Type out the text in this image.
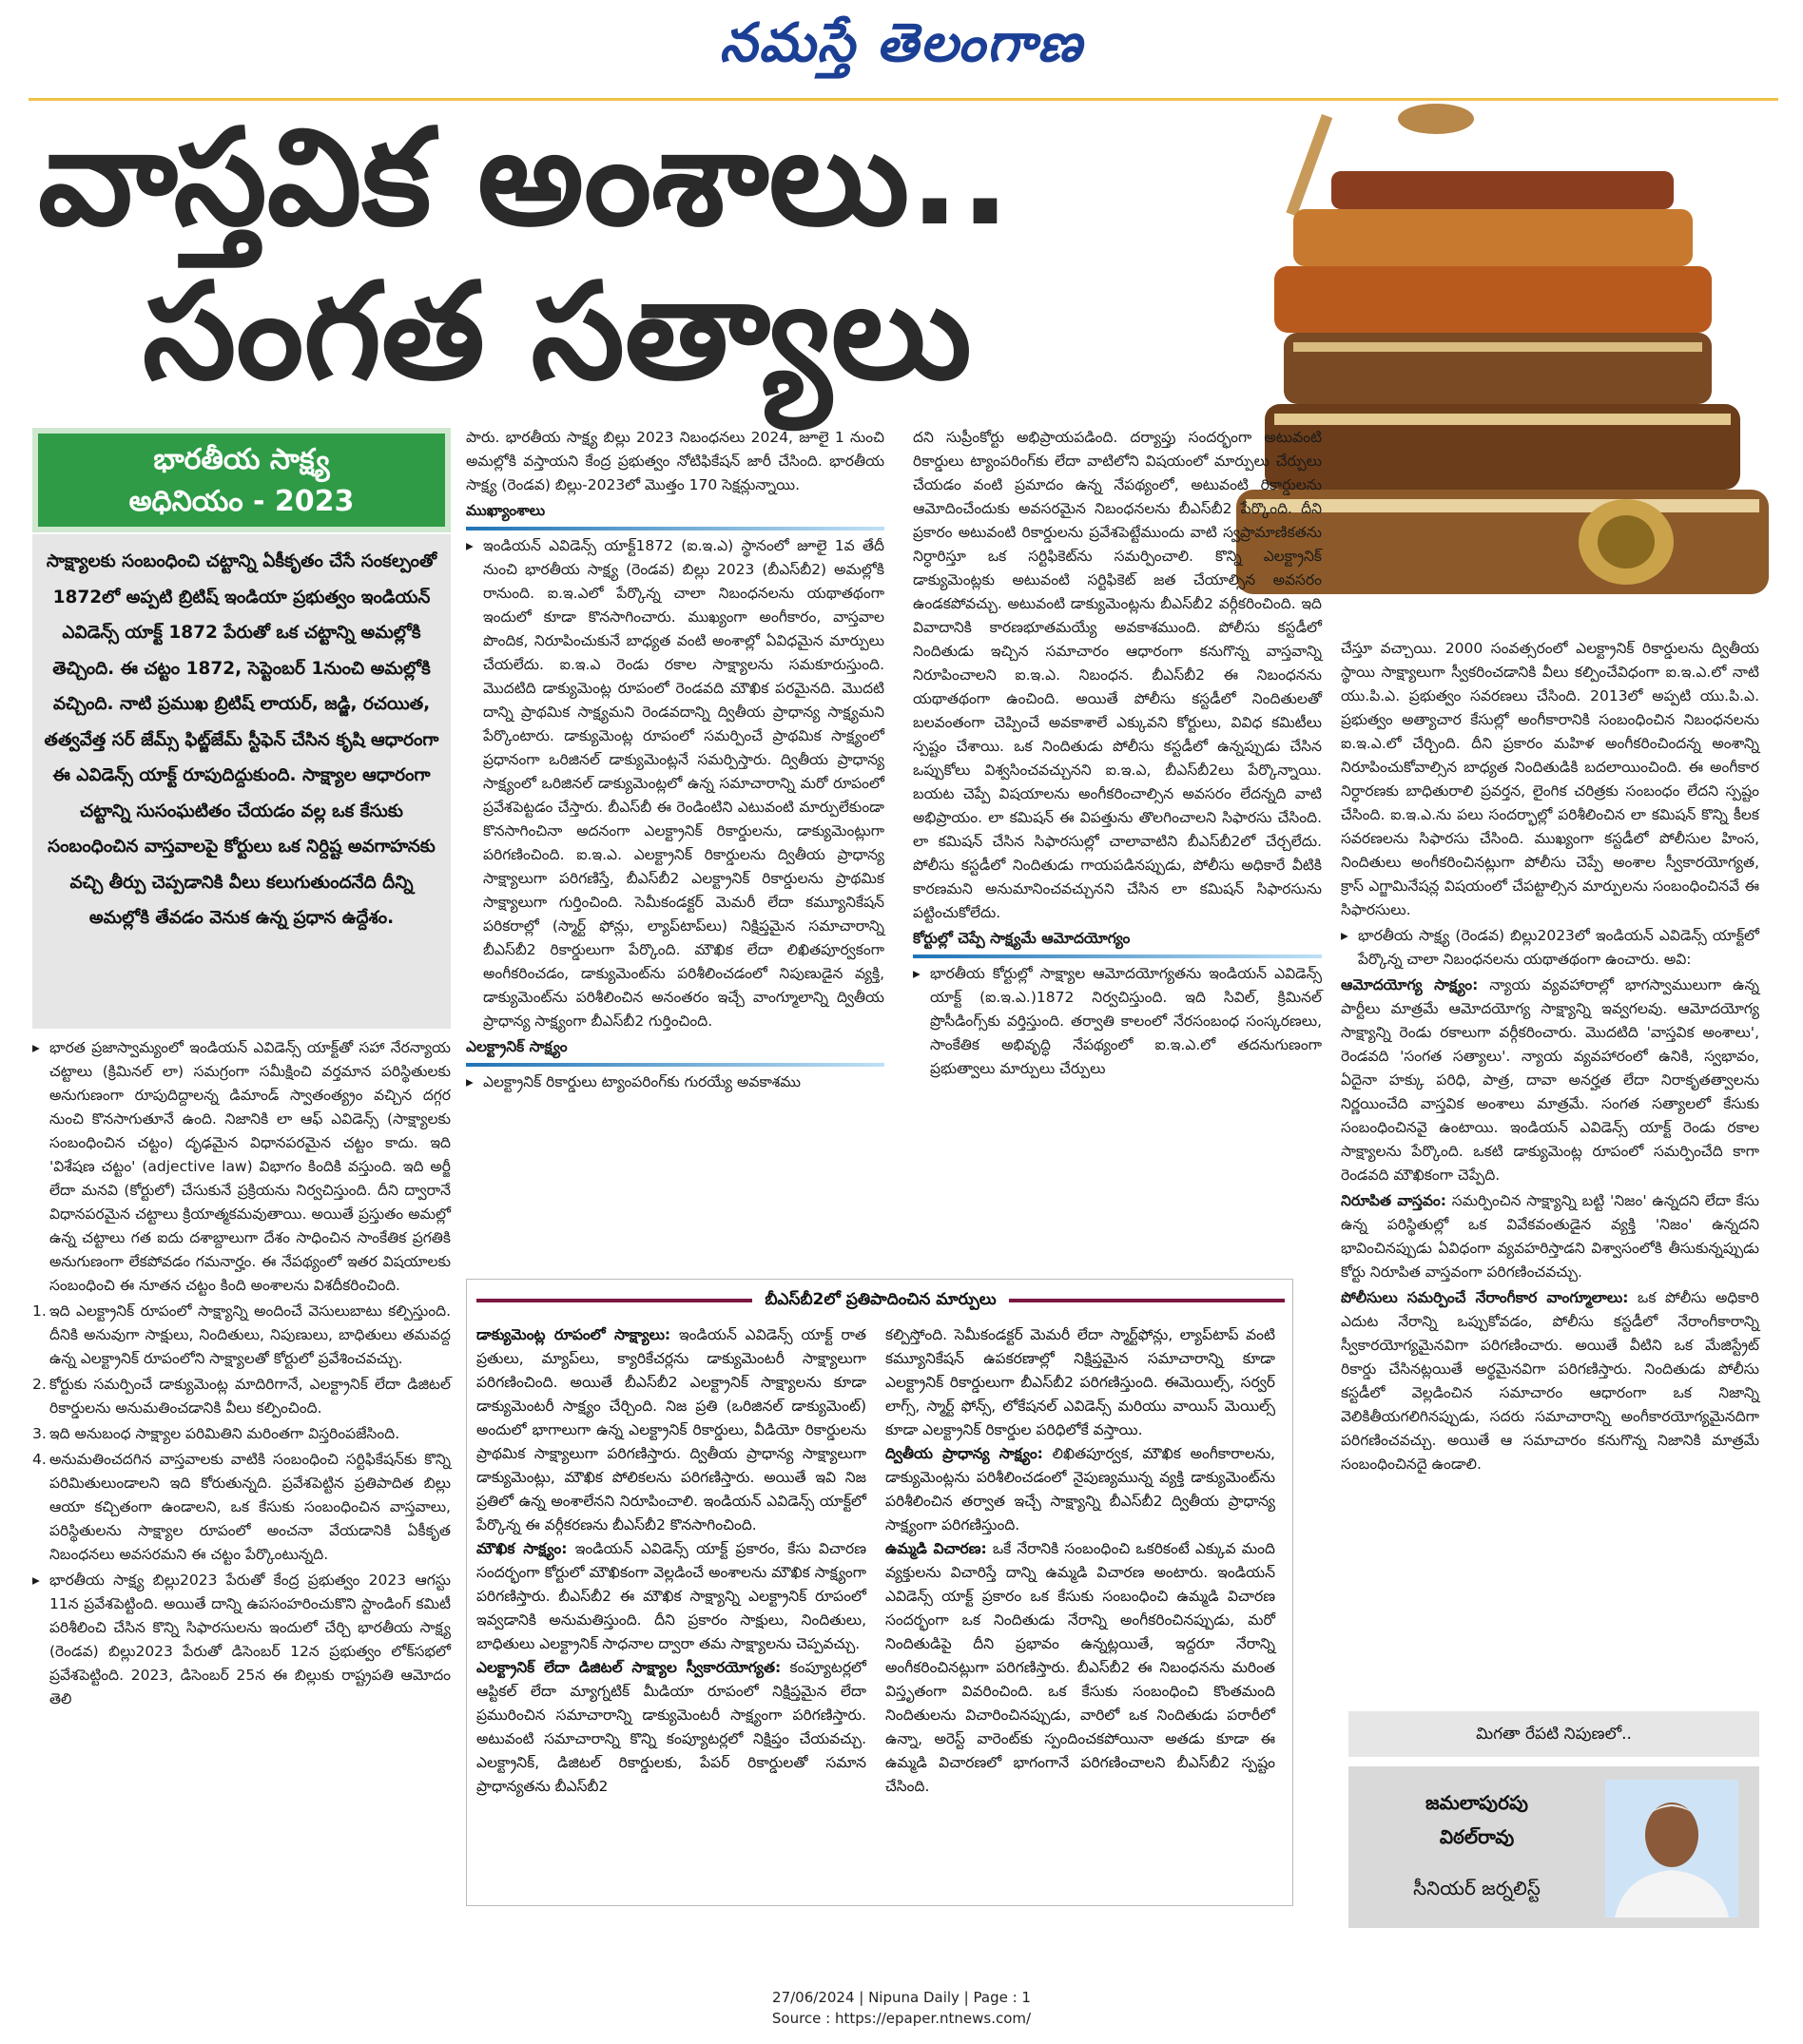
నమస్తే తెలంగాణ
వాస్తవిక అంశాలు..
సంగత సత్యాలు
భారతీయ సాక్ష్య
అధినియం - 2023
సాక్ష్యాలకు సంబంధించి చట్టాన్ని ఏకీకృతం చేసే సంకల్పంతో 1872లో అప్పటి బ్రిటిష్ ఇండియా ప్రభుత్వం ఇండియన్ ఎవిడెన్స్ యాక్ట్ 1872 పేరుతో ఒక చట్టాన్ని అమల్లోకి తెచ్చింది. ఈ చట్టం 1872, సెప్టెంబర్ 1నుంచి అమల్లోకి వచ్చింది. నాటి ప్రముఖ బ్రిటిష్ లాయర్, జడ్జి, రచయిత, తత్వవేత్త సర్ జేమ్స్ ఫిట్జ్‌జేమ్ స్టీఫెన్ చేసిన కృషి ఆధారంగా ఈ ఎవిడెన్స్ యాక్ట్ రూపుదిద్దుకుంది. సాక్ష్యాల ఆధారంగా చట్టాన్ని సుసంఘటితం చేయడం వల్ల ఒక కేసుకు సంబంధించిన వాస్తవాలపై కోర్టులు ఒక నిర్దిష్ట అవగాహనకు వచ్చి తీర్పు చెప్పడానికి వీలు కలుగుతుందనేది దీన్ని అమల్లోకి తేవడం వెనుక ఉన్న ప్రధాన ఉద్దేశం.
▸ భారత ప్రజాస్వామ్యంలో ఇండియన్ ఎవిడెన్స్ యాక్ట్‌తో సహా నేరన్యాయ చట్టాలు (క్రిమినల్ లా) సమగ్రంగా సమీక్షించి వర్తమాన పరిస్థితులకు అనుగుణంగా రూపుదిద్దాలన్న డిమాండ్ స్వాతంత్య్రం వచ్చిన దగ్గర నుంచి కొనసాగుతూనే ఉంది. నిజానికి లా ఆఫ్ ఎవిడెన్స్ (సాక్ష్యాలకు సంబంధించిన చట్టం) దృఢమైన విధానపరమైన చట్టం కాదు. ఇది 'విశేషణ చట్టం' (adjective law) విభాగం కిందికి వస్తుంది. ఇది అర్జీ లేదా మనవి (కోర్టులో) చేసుకునే ప్రక్రియను నిర్వచిస్తుంది. దీని ద్వారానే విధానపరమైన చట్టాలు క్రియాత్మకమవుతాయి. అయితే ప్రస్తుతం అమల్లో ఉన్న చట్టాలు గత ఐదు దశాబ్దాలుగా దేశం సాధించిన సాంకేతిక ప్రగతికి అనుగుణంగా లేకపోవడం గమనార్హం. ఈ నేపథ్యంలో ఇతర విషయాలకు సంబంధించి ఈ నూతన చట్టం కింది అంశాలను విశదీకరించింది.
1. ఇది ఎలక్ట్రానిక్ రూపంలో సాక్ష్యాన్ని అందించే వెసులుబాటు కల్పిస్తుంది. దీనికి అనువుగా సాక్షులు, నిందితులు, నిపుణులు, బాధితులు తమవద్ద ఉన్న ఎలక్ట్రానిక్ రూపంలోని సాక్ష్యాలతో కోర్టులో ప్రవేశించవచ్చు.
2. కోర్టుకు సమర్పించే డాక్యుమెంట్ల మాదిరిగానే, ఎలక్ట్రానిక్ లేదా డిజిటల్ రికార్డులను అనుమతించడానికి వీలు కల్పించింది.
3. ఇది అనుబంధ సాక్ష్యాల పరిమితిని మరింతగా విస్తరింపజేసింది.
4. అనుమతించదగిన వాస్తవాలకు వాటికి సంబంధించి సర్టిఫికేషన్‌కు కొన్ని పరిమితులుండాలని ఇది కోరుతున్నది. ప్రవేశపెట్టిన ప్రతిపాదిత బిల్లు ఆయా కచ్చితంగా ఉండాలని, ఒక కేసుకు సంబంధించిన వాస్తవాలు, పరిస్థితులను సాక్ష్యాల రూపంలో అంచనా వేయడానికి ఏకీకృత నిబంధనలు అవసరమని ఈ చట్టం పేర్కొంటున్నది.
▸ భారతీయ సాక్ష్య బిల్లు2023 పేరుతో కేంద్ర ప్రభుత్వం 2023 ఆగస్టు 11న ప్రవేశపెట్టింది. అయితే దాన్ని ఉపసంహరించుకొని స్టాండింగ్ కమిటీ పరిశీలించి చేసిన కొన్ని సిఫారసులను ఇందులో చేర్చి భారతీయ సాక్ష్య (రెండవ) బిల్లు2023 పేరుతో డిసెంబర్ 12న ప్రభుత్వం లోక్‌సభలో ప్రవేశపెట్టింది. 2023, డిసెంబర్ 25న ఈ బిల్లుకు రాష్ట్రపతి ఆమోదం తెలి

పారు. భారతీయ సాక్ష్య బిల్లు 2023 నిబంధనలు 2024, జూలై 1 నుంచి అమల్లోకి వస్తాయని కేంద్ర ప్రభుత్వం నోటిఫికేషన్ జారీ చేసింది. భారతీయ సాక్ష్య (రెండవ) బిల్లు-2023లో మొత్తం 170 సెక్షన్లున్నాయి.

ముఖ్యాంశాలు
▸ ఇండియన్ ఎవిడెన్స్ యాక్ట్1872 (ఐ.ఇ.ఎ) స్థానంలో జూలై 1వ తేదీ నుంచి భారతీయ సాక్ష్య (రెండవ) బిల్లు 2023 (బీఎస్‌బీ2) అమల్లోకి రానుంది. ఐ.ఇ.ఎలో పేర్కొన్న చాలా నిబంధనలను యథాతథంగా ఇందులో కూడా కొనసాగించారు. ముఖ్యంగా అంగీకారం, వాస్తవాల పొందిక, నిరూపించుకునే బాధ్యత వంటి అంశాల్లో ఏవిధమైన మార్పులు చేయలేదు. ఐ.ఇ.ఎ రెండు రకాల సాక్ష్యాలను సమకూరుస్తుంది. మొదటిది డాక్యుమెంట్ల రూపంలో రెండవది మౌఖిక పరమైనది. మొదటి దాన్ని ప్రాథమిక సాక్ష్యమని రెండవదాన్ని ద్వితీయ ప్రాధాన్య సాక్ష్యమని పేర్కొంటారు. డాక్యుమెంట్ల రూపంలో సమర్పించే ప్రాథమిక సాక్ష్యంలో ప్రధానంగా ఒరిజినల్ డాక్యుమెంట్లనే సమర్పిస్తారు. ద్వితీయ ప్రాధాన్య సాక్ష్యంలో ఒరిజినల్ డాక్యుమెంట్లలో ఉన్న సమాచారాన్ని మరో రూపంలో ప్రవేశపెట్టడం చేస్తారు. బీఎస్‌బీ ఈ రెండింటిని ఎటువంటి మార్పులేకుండా కొనసాగించినా అదనంగా ఎలక్ట్రానిక్ రికార్డులను, డాక్యుమెంట్లుగా పరిగణించింది. ఐ.ఇ.ఎ. ఎలక్ట్రానిక్ రికార్డులను ద్వితీయ ప్రాధాన్య సాక్ష్యాలుగా పరిగణిస్తే, బీఎస్‌బీ2 ఎలక్ట్రానిక్ రికార్డులను ప్రాథమిక సాక్ష్యాలుగా గుర్తించింది. సెమీకండక్టర్ మెమరీ లేదా కమ్యూనికేషన్ పరికరాల్లో (స్మార్ట్ ఫోన్లు, ల్యాప్‌టాప్‌లు) నిక్షిప్తమైన సమాచారాన్ని బీఎస్‌బీ2 రికార్డులుగా పేర్కొంది. మౌఖిక లేదా లిఖితపూర్వకంగా అంగీకరించడం, డాక్యుమెంట్‌ను పరిశీలించడంలో నిపుణుడైన వ్యక్తి, డాక్యుమెంట్‌ను పరిశీలించిన అనంతరం ఇచ్చే వాంగ్మూలాన్ని ద్వితీయ ప్రాధాన్య సాక్ష్యంగా బీఎస్‌బీ2 గుర్తించింది.
ఎలక్ట్రానిక్ సాక్ష్యం
▸ ఎలక్ట్రానిక్ రికార్డులు ట్యాంపరింగ్‌కు గురయ్యే అవకాశము

దని సుప్రీంకోర్టు అభిప్రాయపడింది. దర్యాప్తు సందర్భంగా అటువంటి రికార్డులు ట్యాంపరింగ్‌కు లేదా వాటిలోని విషయంలో మార్పులు చేర్పులు చేయడం వంటి ప్రమాదం ఉన్న నేపథ్యంలో, అటువంటి రికార్డులను ఆమోదించేందుకు అవసరమైన నిబంధనలను బీఎస్‌బీ2 పేర్కొంది. దీని ప్రకారం అటువంటి రికార్డులను ప్రవేశపెట్టేముందు వాటి స్వప్రామాణికతను నిర్ధారిస్తూ ఒక సర్టిఫికెట్‌ను సమర్పించాలి. కొన్ని ఎలక్ట్రానిక్ డాక్యుమెంట్లకు అటువంటి సర్టిఫికెట్ జత చేయాల్సిన అవసరం ఉండకపోవచ్చు. అటువంటి డాక్యుమెంట్లను బీఎస్‌బీ2 వర్గీకరించింది. ఇది వివాదానికి కారణభూతమయ్యే అవకాశముంది. పోలీసు కస్టడీలో నిందితుడు ఇచ్చిన సమాచారం ఆధారంగా కనుగొన్న వాస్తవాన్ని నిరూపించాలని ఐ.ఇ.ఎ. నిబంధన. బీఎస్‌బీ2 ఈ నిబంధనను యథాతథంగా ఉంచింది. అయితే పోలీసు కస్టడీలో నిందితులతో బలవంతంగా చెప్పించే అవకాశాలే ఎక్కువని కోర్టులు, వివిధ కమిటీలు స్పష్టం చేశాయి. ఒక నిందితుడు పోలీసు కస్టడీలో ఉన్నప్పుడు చేసిన ఒప్పుకోలు విశ్వసించవచ్చునని ఐ.ఇ.ఎ, బీఎస్‌బీ2లు పేర్కొన్నాయి. బయట చెప్పే విషయాలను అంగీకరించాల్సిన అవసరం లేదన్నది వాటి అభిప్రాయం. లా కమిషన్ ఈ విపత్తును తొలగించాలని సిఫారసు చేసింది. లా కమిషన్ చేసిన సిఫారసుల్లో చాలావాటిని బీఎస్‌బీ2లో చేర్చలేదు. పోలీసు కస్టడీలో నిందితుడు గాయపడినప్పుడు, పోలీసు అధికారే వీటికి కారణమని అనుమానించవచ్చునని చేసిన లా కమిషన్ సిఫారసును పట్టించుకోలేదు.

కోర్టుల్లో చెప్పే సాక్ష్యమే ఆమోదయోగ్యం
▸ భారతీయ కోర్టుల్లో సాక్ష్యాల ఆమోదయోగ్యతను ఇండియన్ ఎవిడెన్స్ యాక్ట్ (ఐ.ఇ.ఎ.)1872 నిర్వచిస్తుంది. ఇది సివిల్, క్రిమినల్ ప్రొసీడింగ్స్‌కు వర్తిస్తుంది. తర్వాతి కాలంలో నేరసంబంధ సంస్కరణలు, సాంకేతిక అభివృద్ధి నేపథ్యంలో ఐ.ఇ.ఎ.లో తదనుగుణంగా ప్రభుత్వాలు మార్పులు చేర్పులు

చేస్తూ వచ్చాయి. 2000 సంవత్సరంలో ఎలక్ట్రానిక్ రికార్డులను ద్వితీయ స్థాయి సాక్ష్యాలుగా స్వీకరించడానికి వీలు కల్పించేవిధంగా ఐ.ఇ.ఎ.లో నాటి యు.పి.ఎ. ప్రభుత్వం సవరణలు చేసింది. 2013లో అప్పటి యు.పి.ఎ. ప్రభుత్వం అత్యాచార కేసుల్లో అంగీకారానికి సంబంధించిన నిబంధనలను ఐ.ఇ.ఎ.లో చేర్చింది. దీని ప్రకారం మహిళ అంగీకరించిందన్న అంశాన్ని నిరూపించుకోవాల్సిన బాధ్యత నిందితుడికి బదలాయించింది. ఈ అంగీకార నిర్ధారణకు బాధితురాలి ప్రవర్తన, లైంగిక చరిత్రకు సంబంధం లేదని స్పష్టం చేసింది. ఐ.ఇ.ఎ.ను పలు సందర్భాల్లో పరిశీలించిన లా కమిషన్ కొన్ని కీలక సవరణలను సిఫారసు చేసింది. ముఖ్యంగా కస్టడీలో పోలీసుల హింస, నిందితులు అంగీకరించినట్లుగా పోలీసు చెప్పే అంశాల స్వీకారయోగ్యత, క్రాస్ ఎగ్జామినేషన్ల విషయంలో చేపట్టాల్సిన మార్పులను సంబంధించినవే ఈ సిఫారసులు.

▸ భారతీయ సాక్ష్య (రెండవ) బిల్లు2023లో ఇండియన్ ఎవిడెన్స్ యాక్ట్‌లో పేర్కొన్న చాలా నిబంధనలను యథాతథంగా ఉంచారు. అవి:

ఆమోదయోగ్య సాక్ష్యం: న్యాయ వ్యవహారాల్లో భాగస్వాములుగా ఉన్న పార్టీలు మాత్రమే ఆమోదయోగ్య సాక్ష్యాన్ని ఇవ్వగలవు. ఆమోదయోగ్య సాక్ష్యాన్ని రెండు రకాలుగా వర్గీకరించారు. మొదటిది 'వాస్తవిక అంశాలు', రెండవది 'సంగత సత్యాలు'. న్యాయ వ్యవహారంలో ఉనికి, స్వభావం, ఏదైనా హక్కు పరిధి, పాత్ర, దావా అనర్హత లేదా నిరాకృతత్వాలను నిర్ణయించేది వాస్తవిక అంశాలు మాత్రమే. సంగత సత్యాలలో కేసుకు సంబంధించినవై ఉంటాయి. ఇండియన్ ఎవిడెన్స్ యాక్ట్ రెండు రకాల సాక్ష్యాలను పేర్కొంది. ఒకటి డాక్యుమెంట్ల రూపంలో సమర్పించేది కాగా రెండవది మౌఖికంగా చెప్పేది.

నిరూపిత వాస్తవం: సమర్పించిన సాక్ష్యాన్ని బట్టి 'నిజం' ఉన్నదని లేదా కేసు ఉన్న పరిస్థితుల్లో ఒక వివేకవంతుడైన వ్యక్తి 'నిజం' ఉన్నదని భావించినప్పుడు ఏవిధంగా వ్యవహరిస్తాడని విశ్వాసంలోకి తీసుకున్నప్పుడు కోర్టు నిరూపిత వాస్తవంగా పరిగణించవచ్చు.

పోలీసులు సమర్పించే నేరాంగీకార వాంగ్మూలాలు: ఒక పోలీసు అధికారి ఎదుట నేరాన్ని ఒప్పుకోవడం, పోలీసు కస్టడీలో నేరాంగీకారాన్ని స్వీకారయోగ్యమైనవిగా పరిగణించారు. అయితే వీటిని ఒక మేజిస్ట్రేట్ రికార్డు చేసినట్లయితే అర్థమైనవిగా పరిగణిస్తారు. నిందితుడు పోలీసు కస్టడీలో వెల్లడించిన సమాచారం ఆధారంగా ఒక నిజాన్ని వెలికితీయగలిగినప్పుడు, సదరు సమాచారాన్ని అంగీకారయోగ్యమైనదిగా పరిగణించవచ్చు. అయితే ఆ సమాచారం కనుగొన్న నిజానికి మాత్రమే సంబంధించినదై ఉండాలి.

బీఎస్‌బీ2లో ప్రతిపాదించిన మార్పులు

డాక్యుమెంట్ల రూపంలో సాక్ష్యాలు: ఇండియన్ ఎవిడెన్స్ యాక్ట్ రాత ప్రతులు, మ్యాప్‌లు, క్యారికేచర్లను డాక్యుమెంటరీ సాక్ష్యాలుగా పరిగణించింది. అయితే బీఎస్‌బీ2 ఎలక్ట్రానిక్ సాక్ష్యాలను కూడా డాక్యుమెంటరీ సాక్ష్యం చేర్చింది. నిజ ప్రతి (ఒరిజినల్ డాక్యుమెంట్) అందులో భాగాలుగా ఉన్న ఎలక్ట్రానిక్ రికార్డులు, వీడియో రికార్డులను ప్రాథమిక సాక్ష్యాలుగా పరిగణిస్తారు. ద్వితీయ ప్రాధాన్య సాక్ష్యాలుగా డాక్యుమెంట్లు, మౌఖిక పోలికలను పరిగణిస్తారు. అయితే ఇవి నిజ ప్రతిలో ఉన్న అంశాలేనని నిరూపించాలి. ఇండియన్ ఎవిడెన్స్ యాక్ట్‌లో పేర్కొన్న ఈ వర్గీకరణను బీఎస్‌బీ2 కొనసాగించింది.

మౌఖిక సాక్ష్యం: ఇండియన్ ఎవిడెన్స్ యాక్ట్ ప్రకారం, కేసు విచారణ సందర్భంగా కోర్టులో మౌఖికంగా వెల్లడించే అంశాలను మౌఖిక సాక్ష్యంగా పరిగణిస్తారు. బీఎస్‌బీ2 ఈ మౌఖిక సాక్ష్యాన్ని ఎలక్ట్రానిక్ రూపంలో ఇవ్వడానికి అనుమతిస్తుంది. దీని ప్రకారం సాక్షులు, నిందితులు, బాధితులు ఎలక్ట్రానిక్ సాధనాల ద్వారా తమ సాక్ష్యాలను చెప్పవచ్చు.

ఎలక్ట్రానిక్ లేదా డిజిటల్ సాక్ష్యాల స్వీకారయోగ్యత: కంప్యూటర్లలో ఆప్టికల్ లేదా మ్యాగ్నటిక్ మీడియా రూపంలో నిక్షిప్తమైన లేదా ప్రమురించిన సమాచారాన్ని డాక్యుమెంటరీ సాక్ష్యంగా పరిగణిస్తారు. అటువంటి సమాచారాన్ని కొన్ని కంప్యూటర్లలో నిక్షిప్తం చేయవచ్చు. ఎలక్ట్రానిక్, డిజిటల్ రికార్డులకు, పేపర్ రికార్డులతో సమాన ప్రాధాన్యతను బీఎస్‌బీ2

కల్పిస్తోంది. సెమీకండక్టర్ మెమరీ లేదా స్మార్ట్‌ఫోన్లు, ల్యాప్‌టాప్ వంటి కమ్యూనికేషన్ ఉపకరణాల్లో నిక్షిప్తమైన సమాచారాన్ని కూడా ఎలక్ట్రానిక్ రికార్డులుగా బీఎస్‌బీ2 పరిగణిస్తుంది. ఈమెయిల్స్, సర్వర్ లాగ్స్, స్మార్ట్ ఫోన్స్, లోకేషనల్ ఎవిడెన్స్ మరియు వాయిస్ మెయిల్స్ కూడా ఎలక్ట్రానిక్ రికార్డుల పరిధిలోకే వస్తాయి.

ద్వితీయ ప్రాధాన్య సాక్ష్యం: లిఖితపూర్వక, మౌఖిక అంగీకారాలను, డాక్యుమెంట్లను పరిశీలించడంలో నైపుణ్యమున్న వ్యక్తి డాక్యుమెంట్‌ను పరిశీలించిన తర్వాత ఇచ్చే సాక్ష్యాన్ని బీఎస్‌బీ2 ద్వితీయ ప్రాధాన్య సాక్ష్యంగా పరిగణిస్తుంది.

ఉమ్మడి విచారణ: ఒకే నేరానికి సంబంధించి ఒకరికంటే ఎక్కువ మంది వ్యక్తులను విచారిస్తే దాన్ని ఉమ్మడి విచారణ అంటారు. ఇండియన్ ఎవిడెన్స్ యాక్ట్ ప్రకారం ఒక కేసుకు సంబంధించి ఉమ్మడి విచారణ సందర్భంగా ఒక నిందితుడు నేరాన్ని అంగీకరించినప్పుడు, మరో నిందితుడిపై దీని ప్రభావం ఉన్నట్లయితే, ఇద్దరూ నేరాన్ని అంగీకరించినట్లుగా పరిగణిస్తారు. బీఎస్‌బీ2 ఈ నిబంధనను మరింత విస్తృతంగా వివరించింది. ఒక కేసుకు సంబంధించి కొంతమంది నిందితులను విచారించినప్పుడు, వారిలో ఒక నిందితుడు పరారీలో ఉన్నా, అరెస్ట్ వారెంట్‌కు స్పందించకపోయినా అతడు కూడా ఈ ఉమ్మడి విచారణలో భాగంగానే పరిగణించాలని బీఎస్‌బీ2 స్పష్టం చేసింది.

మిగతా రేపటి నిపుణలో..
జమలాపురపు
విఠల్‌రావు
సీనియర్ జర్నలిస్ట్
27/06/2024 | Nipuna Daily | Page : 1
Source : https://epaper.ntnews.com/
